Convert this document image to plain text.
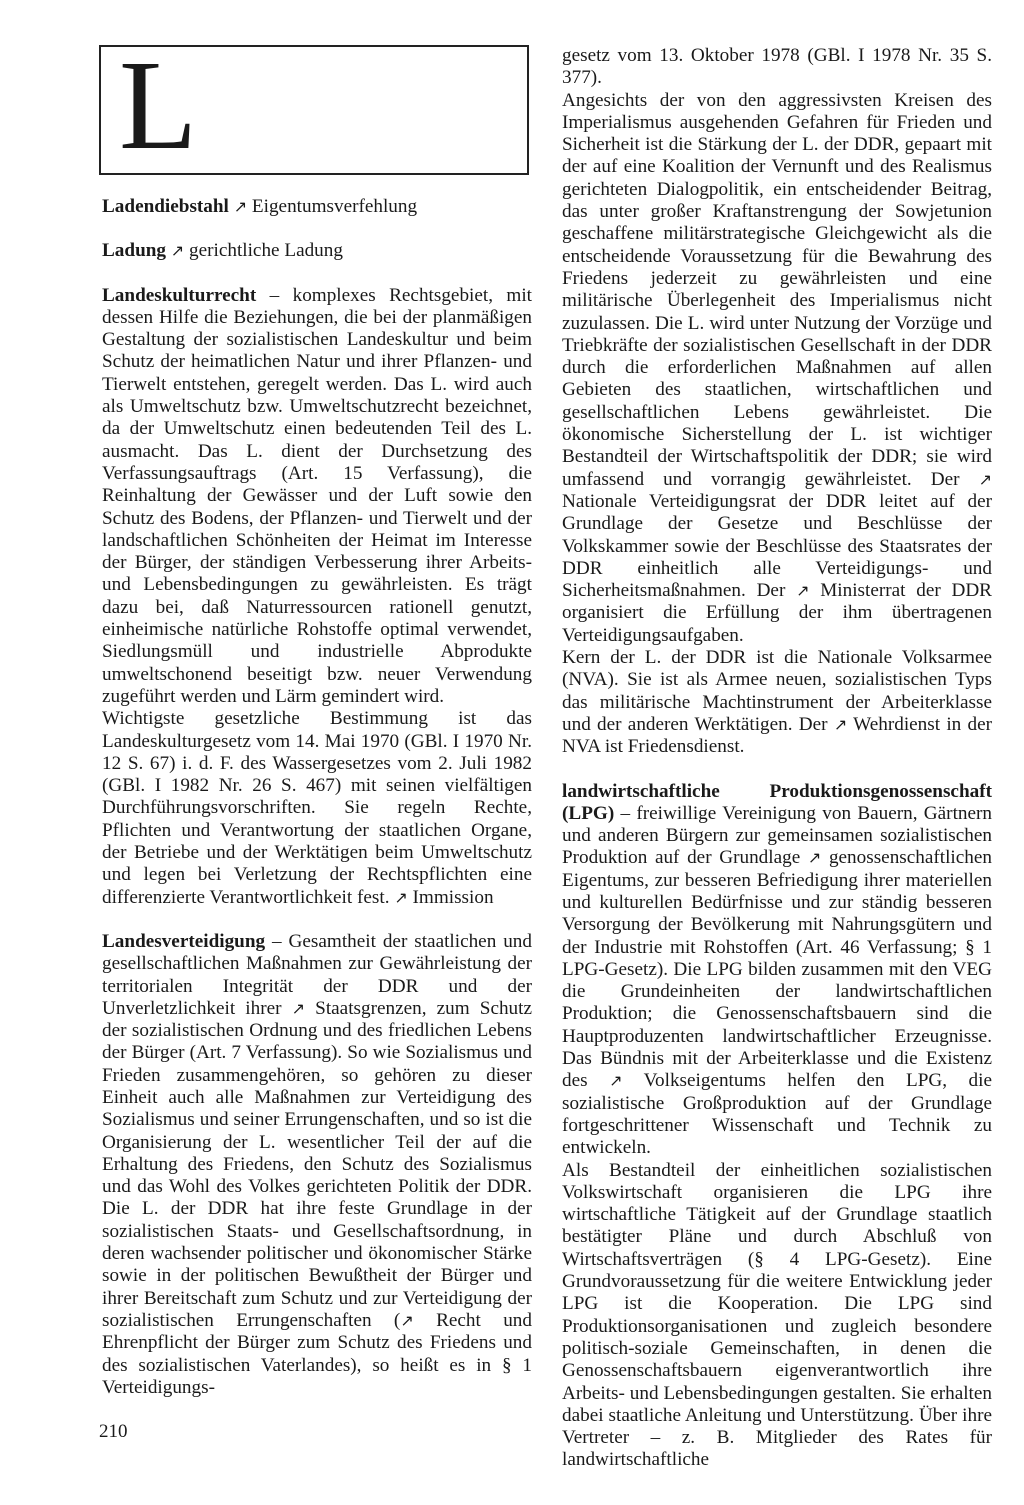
L

Ladendiebstahl ↗ Eigentumsverfehlung

Ladung ↗ gerichtliche Ladung

Landeskulturrecht – komplexes Rechtsgebiet, mit dessen Hilfe die Beziehungen, die bei der planmäßigen Gestaltung der sozialistischen Landeskultur und beim Schutz der heimatlichen Natur und ihrer Pflanzen- und Tierwelt entstehen, geregelt werden. Das L. wird auch als Umweltschutz bzw. Umweltschutzrecht bezeichnet, da der Umweltschutz einen bedeutenden Teil des L. ausmacht. Das L. dient der Durchsetzung des Verfassungsauftrags (Art. 15 Verfassung), die Reinhaltung der Gewässer und der Luft sowie den Schutz des Bodens, der Pflanzen- und Tierwelt und der landschaftlichen Schönheiten der Heimat im Interesse der Bürger, der ständigen Verbesserung ihrer Arbeits- und Lebensbedingungen zu gewährleisten. Es trägt dazu bei, daß Naturressourcen rationell genutzt, einheimische natürliche Rohstoffe optimal verwendet, Siedlungsmüll und industrielle Abprodukte umweltschonend beseitigt bzw. neuer Verwendung zugeführt werden und Lärm gemindert wird.

Wichtigste gesetzliche Bestimmung ist das Landeskulturgesetz vom 14. Mai 1970 (GBl. I 1970 Nr. 12 S. 67) i. d. F. des Wassergesetzes vom 2. Juli 1982 (GBl. I 1982 Nr. 26 S. 467) mit seinen vielfältigen Durchführungsvorschriften. Sie regeln Rechte, Pflichten und Verantwortung der staatlichen Organe, der Betriebe und der Werktätigen beim Umweltschutz und legen bei Verletzung der Rechtspflichten eine differenzierte Verantwortlichkeit fest. ↗ Immission

Landesverteidigung – Gesamtheit der staatlichen und gesellschaftlichen Maßnahmen zur Gewährleistung der territorialen Integrität der DDR und der Unverletzlichkeit ihrer ↗ Staatsgrenzen, zum Schutz der sozialistischen Ordnung und des friedlichen Lebens der Bürger (Art. 7 Verfassung). So wie Sozialismus und Frieden zusammengehören, so gehören zu dieser Einheit auch alle Maßnahmen zur Verteidigung des Sozialismus und seiner Errungenschaften, und so ist die Organisierung der L. wesentlicher Teil der auf die Erhaltung des Friedens, den Schutz des Sozialismus und das Wohl des Volkes gerichteten Politik der DDR. Die L. der DDR hat ihre feste Grundlage in der sozialistischen Staats- und Gesellschaftsordnung, in deren wachsender politischer und ökonomischer Stärke sowie in der politischen Bewußtheit der Bürger und ihrer Bereitschaft zum Schutz und zur Verteidigung der sozialistischen Errungenschaften (↗ Recht und Ehrenpflicht der Bürger zum Schutz des Friedens und des sozialistischen Vaterlandes), so heißt es in § 1 Verteidigungs-

gesetz vom 13. Oktober 1978 (GBl. I 1978 Nr. 35 S. 377).

Angesichts der von den aggressivsten Kreisen des Imperialismus ausgehenden Gefahren für Frieden und Sicherheit ist die Stärkung der L. der DDR, gepaart mit der auf eine Koalition der Vernunft und des Realismus gerichteten Dialogpolitik, ein entscheidender Beitrag, das unter großer Kraftanstrengung der Sowjetunion geschaffene militärstrategische Gleichgewicht als die entscheidende Voraussetzung für die Bewahrung des Friedens jederzeit zu gewährleisten und eine militärische Überlegenheit des Imperialismus nicht zuzulassen. Die L. wird unter Nutzung der Vorzüge und Triebkräfte der sozialistischen Gesellschaft in der DDR durch die erforderlichen Maßnahmen auf allen Gebieten des staatlichen, wirtschaftlichen und gesellschaftlichen Lebens gewährleistet. Die ökonomische Sicherstellung der L. ist wichtiger Bestandteil der Wirtschaftspolitik der DDR; sie wird umfassend und vorrangig gewährleistet. Der ↗ Nationale Verteidigungsrat der DDR leitet auf der Grundlage der Gesetze und Beschlüsse der Volkskammer sowie der Beschlüsse des Staatsrates der DDR einheitlich alle Verteidigungs- und Sicherheitsmaßnahmen. Der ↗ Ministerrat der DDR organisiert die Erfüllung der ihm übertragenen Verteidigungsaufgaben.

Kern der L. der DDR ist die Nationale Volksarmee (NVA). Sie ist als Armee neuen, sozialistischen Typs das militärische Machtinstrument der Arbeiterklasse und der anderen Werktätigen. Der ↗ Wehrdienst in der NVA ist Friedensdienst.

landwirtschaftliche Produktionsgenossenschaft (LPG) – freiwillige Vereinigung von Bauern, Gärtnern und anderen Bürgern zur gemeinsamen sozialistischen Produktion auf der Grundlage ↗ genossenschaftlichen Eigentums, zur besseren Befriedigung ihrer materiellen und kulturellen Bedürfnisse und zur ständig besseren Versorgung der Bevölkerung mit Nahrungsgütern und der Industrie mit Rohstoffen (Art. 46 Verfassung; § 1 LPG-Gesetz). Die LPG bilden zusammen mit den VEG die Grundeinheiten der landwirtschaftlichen Produktion; die Genossenschaftsbauern sind die Hauptproduzenten landwirtschaftlicher Erzeugnisse. Das Bündnis mit der Arbeiterklasse und die Existenz des ↗ Volkseigentums helfen den LPG, die sozialistische Großproduktion auf der Grundlage fortgeschrittener Wissenschaft und Technik zu entwickeln.

Als Bestandteil der einheitlichen sozialistischen Volkswirtschaft organisieren die LPG ihre wirtschaftliche Tätigkeit auf der Grundlage staatlich bestätigter Pläne und durch Abschluß von Wirtschaftsverträgen (§ 4 LPG-Gesetz). Eine Grundvoraussetzung für die weitere Entwicklung jeder LPG ist die Kooperation. Die LPG sind Produktionsorganisationen und zugleich besondere politisch-soziale Gemeinschaften, in denen die Genossenschaftsbauern eigenverantwortlich ihre Arbeits- und Lebensbedingungen gestalten. Sie erhalten dabei staatliche Anleitung und Unterstützung. Über ihre Vertreter – z. B. Mitglieder des Rates für landwirtschaftliche

210
